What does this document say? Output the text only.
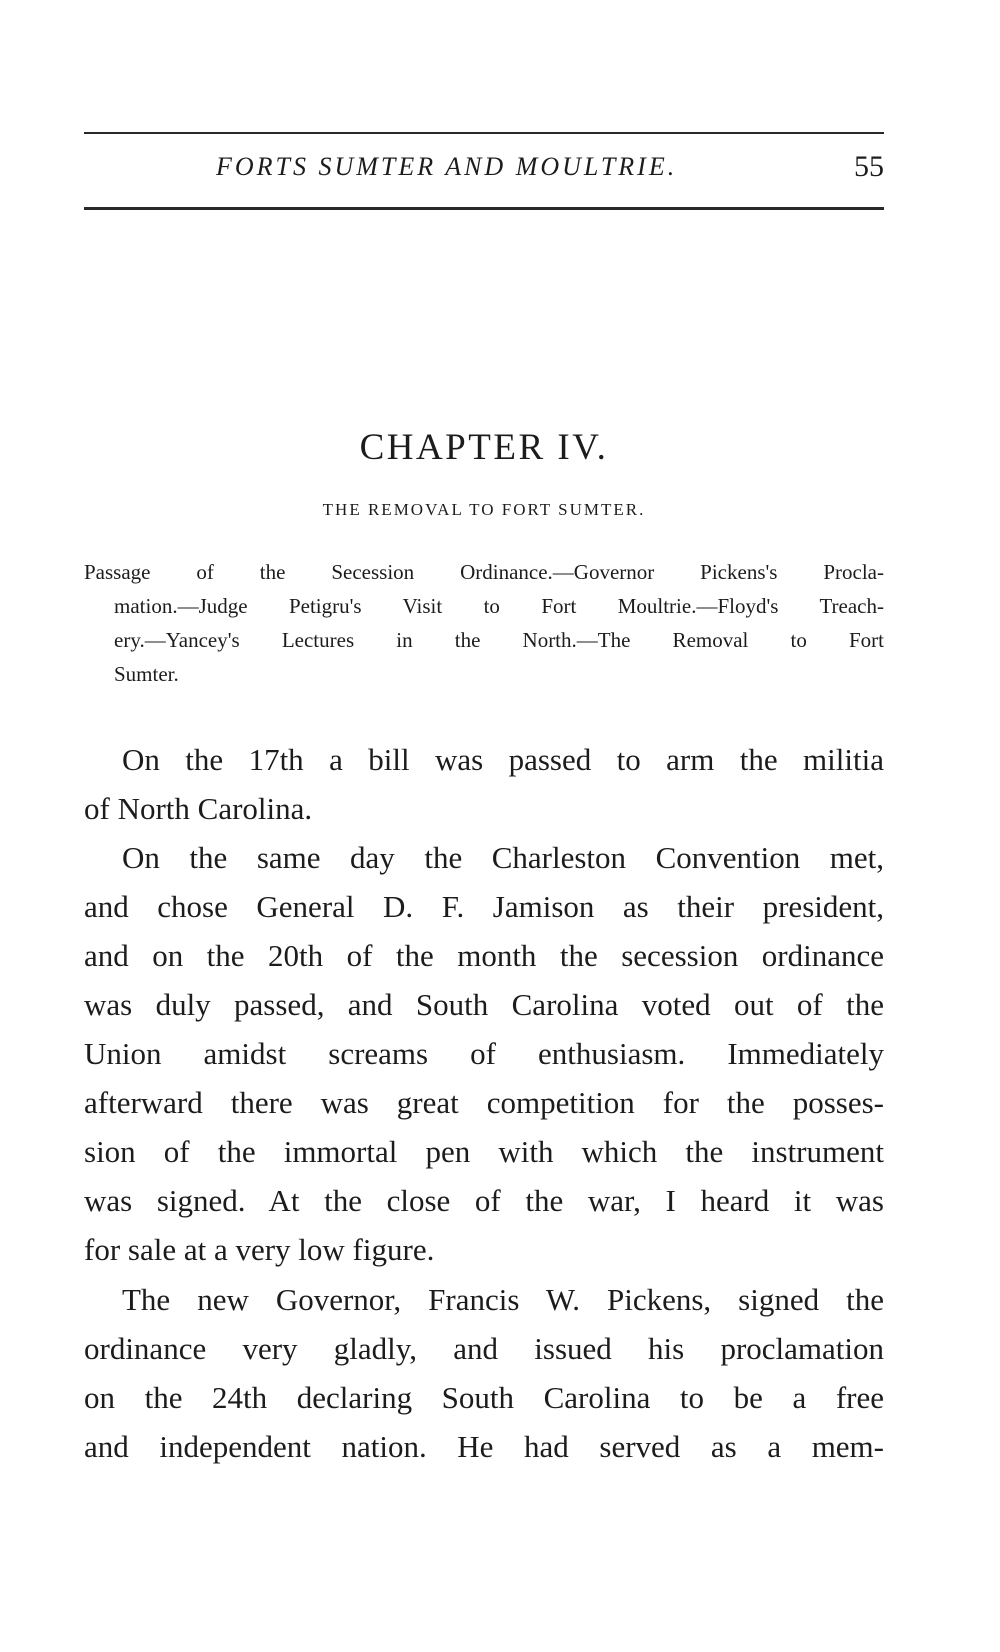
FORTS SUMTER AND MOULTRIE.	55
CHAPTER IV.
THE REMOVAL TO FORT SUMTER.
Passage of the Secession Ordinance.—Governor Pickens's Procla-
mation.—Judge Petigru's Visit to Fort Moultrie.—Floyd's Treach-
ery.—Yancey's Lectures in the North.—The Removal to Fort
Sumter.
On the 17th a bill was passed to arm the militia
of North Carolina.
On the same day the Charleston Convention met,
and chose General D. F. Jamison as their president,
and on the 20th of the month the secession ordinance
was duly passed, and South Carolina voted out of the
Union amidst screams of enthusiasm. Immediately
afterward there was great competition for the posses-
sion of the immortal pen with which the instrument
was signed. At the close of the war, I heard it was
for sale at a very low figure.
The new Governor, Francis W. Pickens, signed the
ordinance very gladly, and issued his proclamation
on the 24th declaring South Carolina to be a free
and independent nation. He had served as a mem-
